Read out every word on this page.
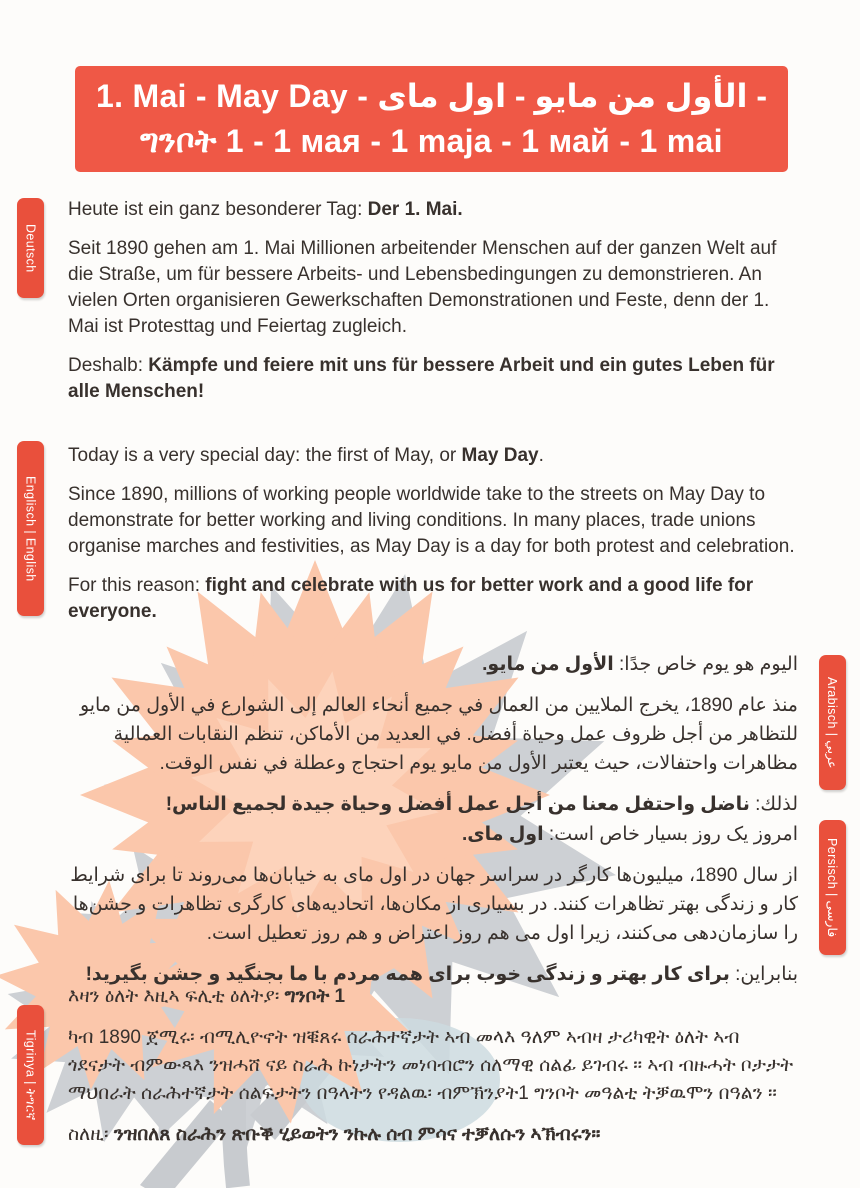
1. Mai - May Day - الأول من مايو - اول مای -
ግንቦት 1 - 1 мая - 1 maja - 1 май - 1 mai
Deutsch
Englisch | English
Arabisch | عربي
Persisch | فارسی
Tigrinya | ትግርኛ

Heute ist ein ganz besonderer Tag: Der 1. Mai.

Seit 1890 gehen am 1. Mai Millionen arbeitender Menschen auf der ganzen Welt auf die Straße, um für bessere Arbeits- und Lebensbedingungen zu demonstrieren. An vielen Orten organisieren Gewerkschaften Demonstrationen und Feste, denn der 1. Mai ist Protesttag und Feiertag zugleich.

Deshalb: Kämpfe und feiere mit uns für bessere Arbeit und ein gutes Leben für alle Menschen!

Today is a very special day: the first of May, or May Day.

Since 1890, millions of working people worldwide take to the streets on May Day to demonstrate for better working and living conditions. In many places, trade unions organise marches and festivities, as May Day is a day for both protest and celebration.

For this reason: fight and celebrate with us for better work and a good life for everyone.

اليوم هو يوم خاص جدًا: الأول من مايو.

منذ عام 1890، يخرج الملايين من العمال في جميع أنحاء العالم إلى الشوارع في الأول من مايو للتظاهر من أجل ظروف عمل وحياة أفضل. في العديد من الأماكن، تنظم النقابات العمالية مظاهرات واحتفالات، حيث يعتبر الأول من مايو يوم احتجاج وعطلة في نفس الوقت.

لذلك: ناضل واحتفل معنا من أجل عمل أفضل وحياة جيدة لجميع الناس!

امروز یک روز بسیار خاص است: اول مای.

از سال 1890، میلیون‌ها کارگر در سراسر جهان در اول مای به خیابان‌ها می‌روند تا برای شرایط کار و زندگی بهتر تظاهرات کنند. در بسیاری از مکان‌ها، اتحادیه‌های کارگری تظاهرات و جشن‌ها را سازمان‌دهی می‌کنند، زیرا اول می هم روز اعتراض و هم روز تعطیل است.

بنابراین: برای کار بهتر و زندگی خوب برای همه مردم با ما بجنگید و جشن بگیرید!

እዛን ዕለት እዚኣ ፍሊቲ ዕለትያ፡ ግንቦት 1

ካብ 1890 ጀሚሩ፡ ብሚሊዮኖት ዝቑጸሩ ሰራሕተኛታት ኣብ መላእ ዓለም ኣብዛ ታሪካዊት ዕለት ኣብ ጎደናታት ብምውጻእ ንዝሓሸ ናይ ስራሕ ኩነታትን መነባብሮን ሰለማዊ ሰልፊ ይገብሩ ። ኣብ ብዙሓት ቦታታት ማህበራት ሰራሕተኛታት ሰልፍታትን በዓላትን የዳልዉ፡ ብምኽንያት1 ግንቦት መዓልቲ ትቓዉሞን በዓልን ።

ስለዚ፡ ንዝበለጸ ስራሕን ጽቡቕ ሂይወትን ንኩሉ ሰብ ምሳና ተቓለሱን ኣኽብሩን።
